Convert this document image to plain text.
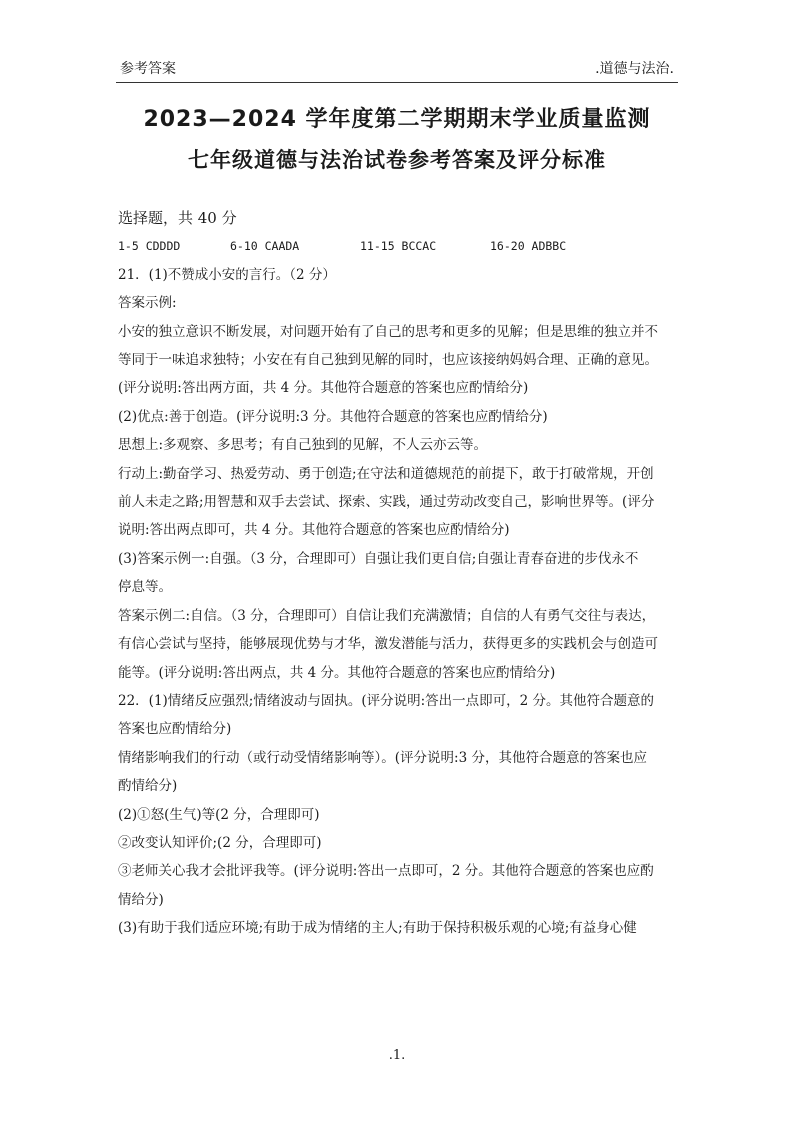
参考答案	.道德与法治.
2023—2024 学年度第二学期期末学业质量监测
七年级道德与法治试卷参考答案及评分标准

选择题，共 40 分

1-5 CDDDD	6-10 CAADA	11-15 BCCAC	16-20 ADBBC

21．(1)不赞成小安的言行。（2 分）

答案示例:

小安的独立意识不断发展，对问题开始有了自己的思考和更多的见解；但是思维的独立并不

等同于一味追求独特；小安在有自己独到见解的同时，也应该接纳妈妈合理、正确的意见。

(评分说明:答出两方面，共 4 分。其他符合题意的答案也应酌情给分)

(2)优点:善于创造。(评分说明:3 分。其他符合题意的答案也应酌情给分)

思想上:多观察、多思考；有自己独到的见解，不人云亦云等。

行动上:勤奋学习、热爱劳动、勇于创造;在守法和道德规范的前提下，敢于打破常规，开创

前人未走之路;用智慧和双手去尝试、探索、实践，通过劳动改变自己，影响世界等。(评分

说明:答出两点即可，共 4 分。其他符合题意的答案也应酌情给分)

(3)答案示例一:自强。（3 分，合理即可）自强让我们更自信;自强让青春奋进的步伐永不

停息等。

答案示例二:自信。（3 分，合理即可）自信让我们充满激情；自信的人有勇气交往与表达，

有信心尝试与坚持，能够展现优势与才华，激发潜能与活力，获得更多的实践机会与创造可

能等。(评分说明:答出两点，共 4 分。其他符合题意的答案也应酌情给分)

22．(1)情绪反应强烈;情绪波动与固执。(评分说明:答出一点即可，2 分。其他符合题意的

答案也应酌情给分)

情绪影响我们的行动（或行动受情绪影响等）。(评分说明:3 分，其他符合题意的答案也应

酌情给分)

(2)①怒(生气)等(2 分，合理即可)

②改变认知评价;(2 分，合理即可)

③老师关心我才会批评我等。(评分说明:答出一点即可，2 分。其他符合题意的答案也应酌

情给分)

(3)有助于我们适应环境;有助于成为情绪的主人;有助于保持积极乐观的心境;有益身心健

.1.
